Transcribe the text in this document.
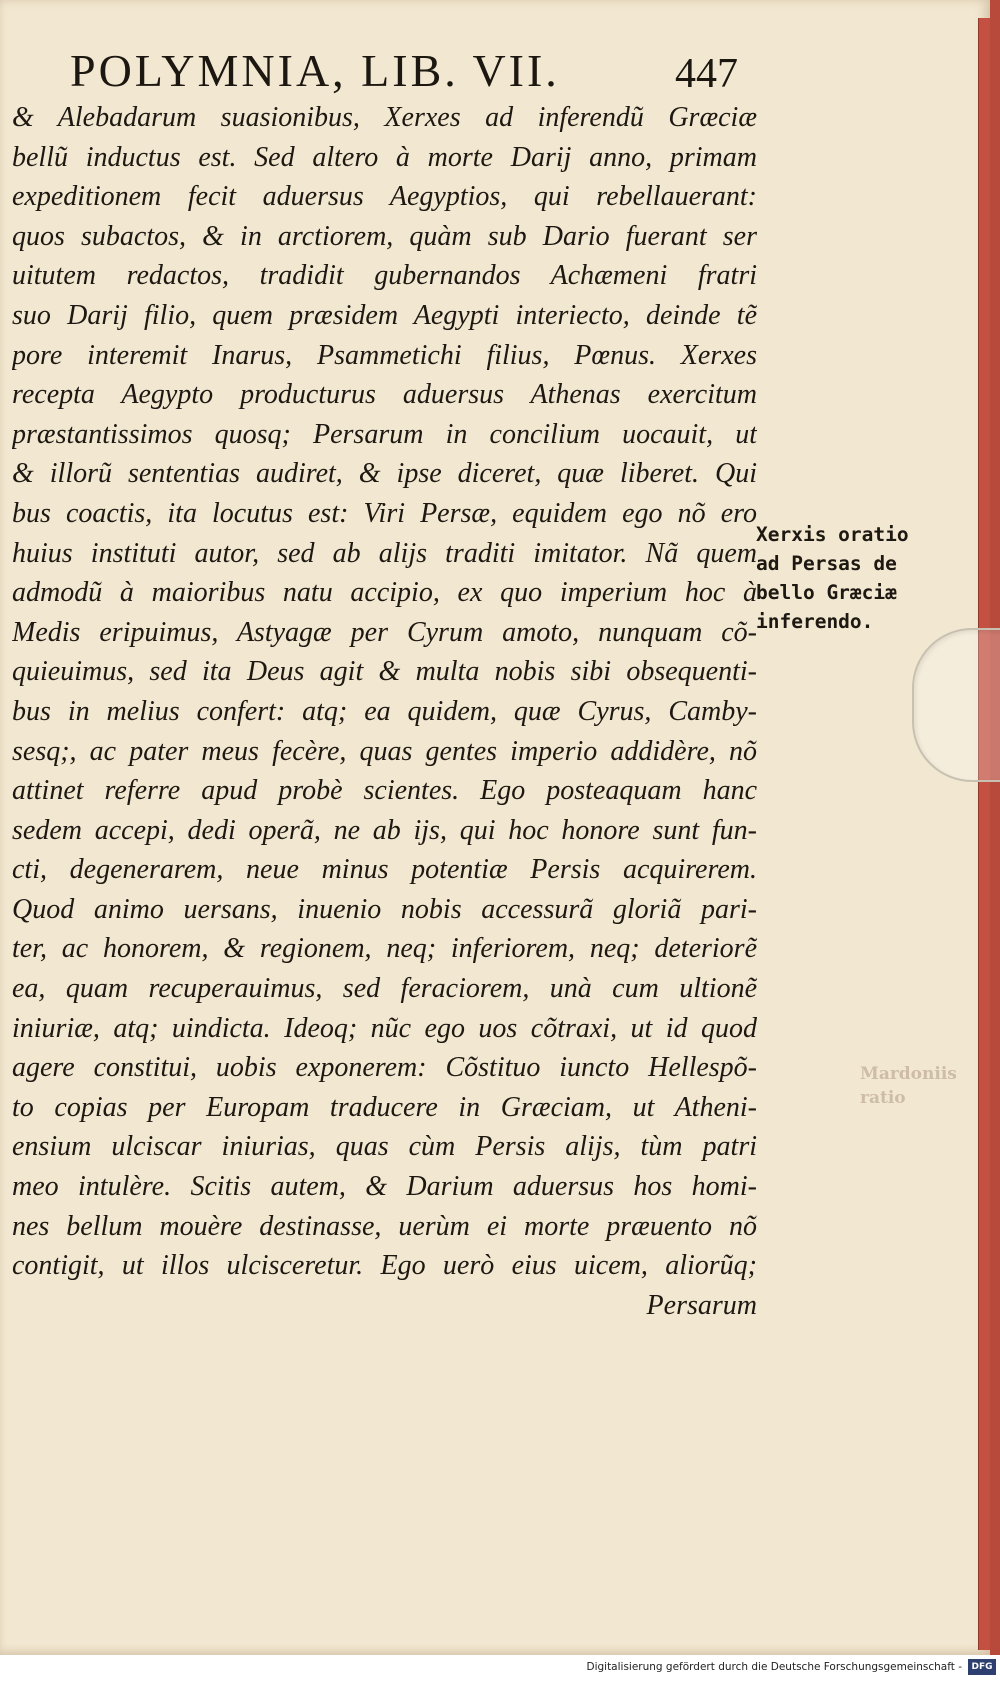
POLYMNIA, LIB. VII.	447
& Alebadarum suasionibus, Xerxes ad inferendũ Græciæ
bellũ inductus est. Sed altero à morte Darij anno, primam
expeditionem fecit aduersus Aegyptios, qui rebellauerant:
quos subactos, & in arctiorem, quàm sub Dario fuerant ser
uitutem redactos, tradidit gubernandos Achæmeni fratri
suo Darij filio, quem præsidem Aegypti interiecto, deinde tẽ
pore interemit Inarus, Psammetichi filius, Pœnus. Xerxes
recepta Aegypto producturus aduersus Athenas exercitum
præstantissimos quosq; Persarum in concilium uocauit, ut
& illorũ sententias audiret, & ipse diceret, quæ liberet. Qui
bus coactis, ita locutus est: Viri Persæ, equidem ego nõ ero
huius instituti autor, sed ab alijs traditi imitator. Nã quem
admodũ à maioribus natu accipio, ex quo imperium hoc à
Medis eripuimus, Astyagæ per Cyrum amoto, nunquam cõ-
quieuimus, sed ita Deus agit & multa nobis sibi obsequenti-
bus in melius confert: atq; ea quidem, quæ Cyrus, Camby-
sesq;, ac pater meus fecère, quas gentes imperio addidère, nõ
attinet referre apud probè scientes. Ego posteaquam hanc
sedem accepi, dedi operã, ne ab ijs, qui hoc honore sunt fun-
cti, degenerarem, neue minus potentiæ Persis acquirerem.
Quod animo uersans, inuenio nobis accessurã gloriã pari-
ter, ac honorem, & regionem, neq; inferiorem, neq; deteriorẽ
ea, quam recuperauimus, sed feraciorem, unà cum ultionẽ
iniuriæ, atq; uindicta. Ideoq; nũc ego uos cõtraxi, ut id quod
agere constitui, uobis exponerem: Cõstituo iuncto Hellespõ-
to copias per Europam traducere in Græciam, ut Atheni-
ensium ulciscar iniurias, quas cùm Persis alijs, tùm patri
meo intulère. Scitis autem, & Darium aduersus hos homi-
nes bellum mouère destinasse, uerùm ei morte præuento nõ
contigit, ut illos ulcisceretur. Ego uerò eius uicem, aliorũq;
Persarum
Xerxis oratio
ad Persas de
bello Græciæ
inferendo.
Mardoniis
ratio
Digitalisierung gefördert durch die Deutsche Forschungsgemeinschaft -	DFG
